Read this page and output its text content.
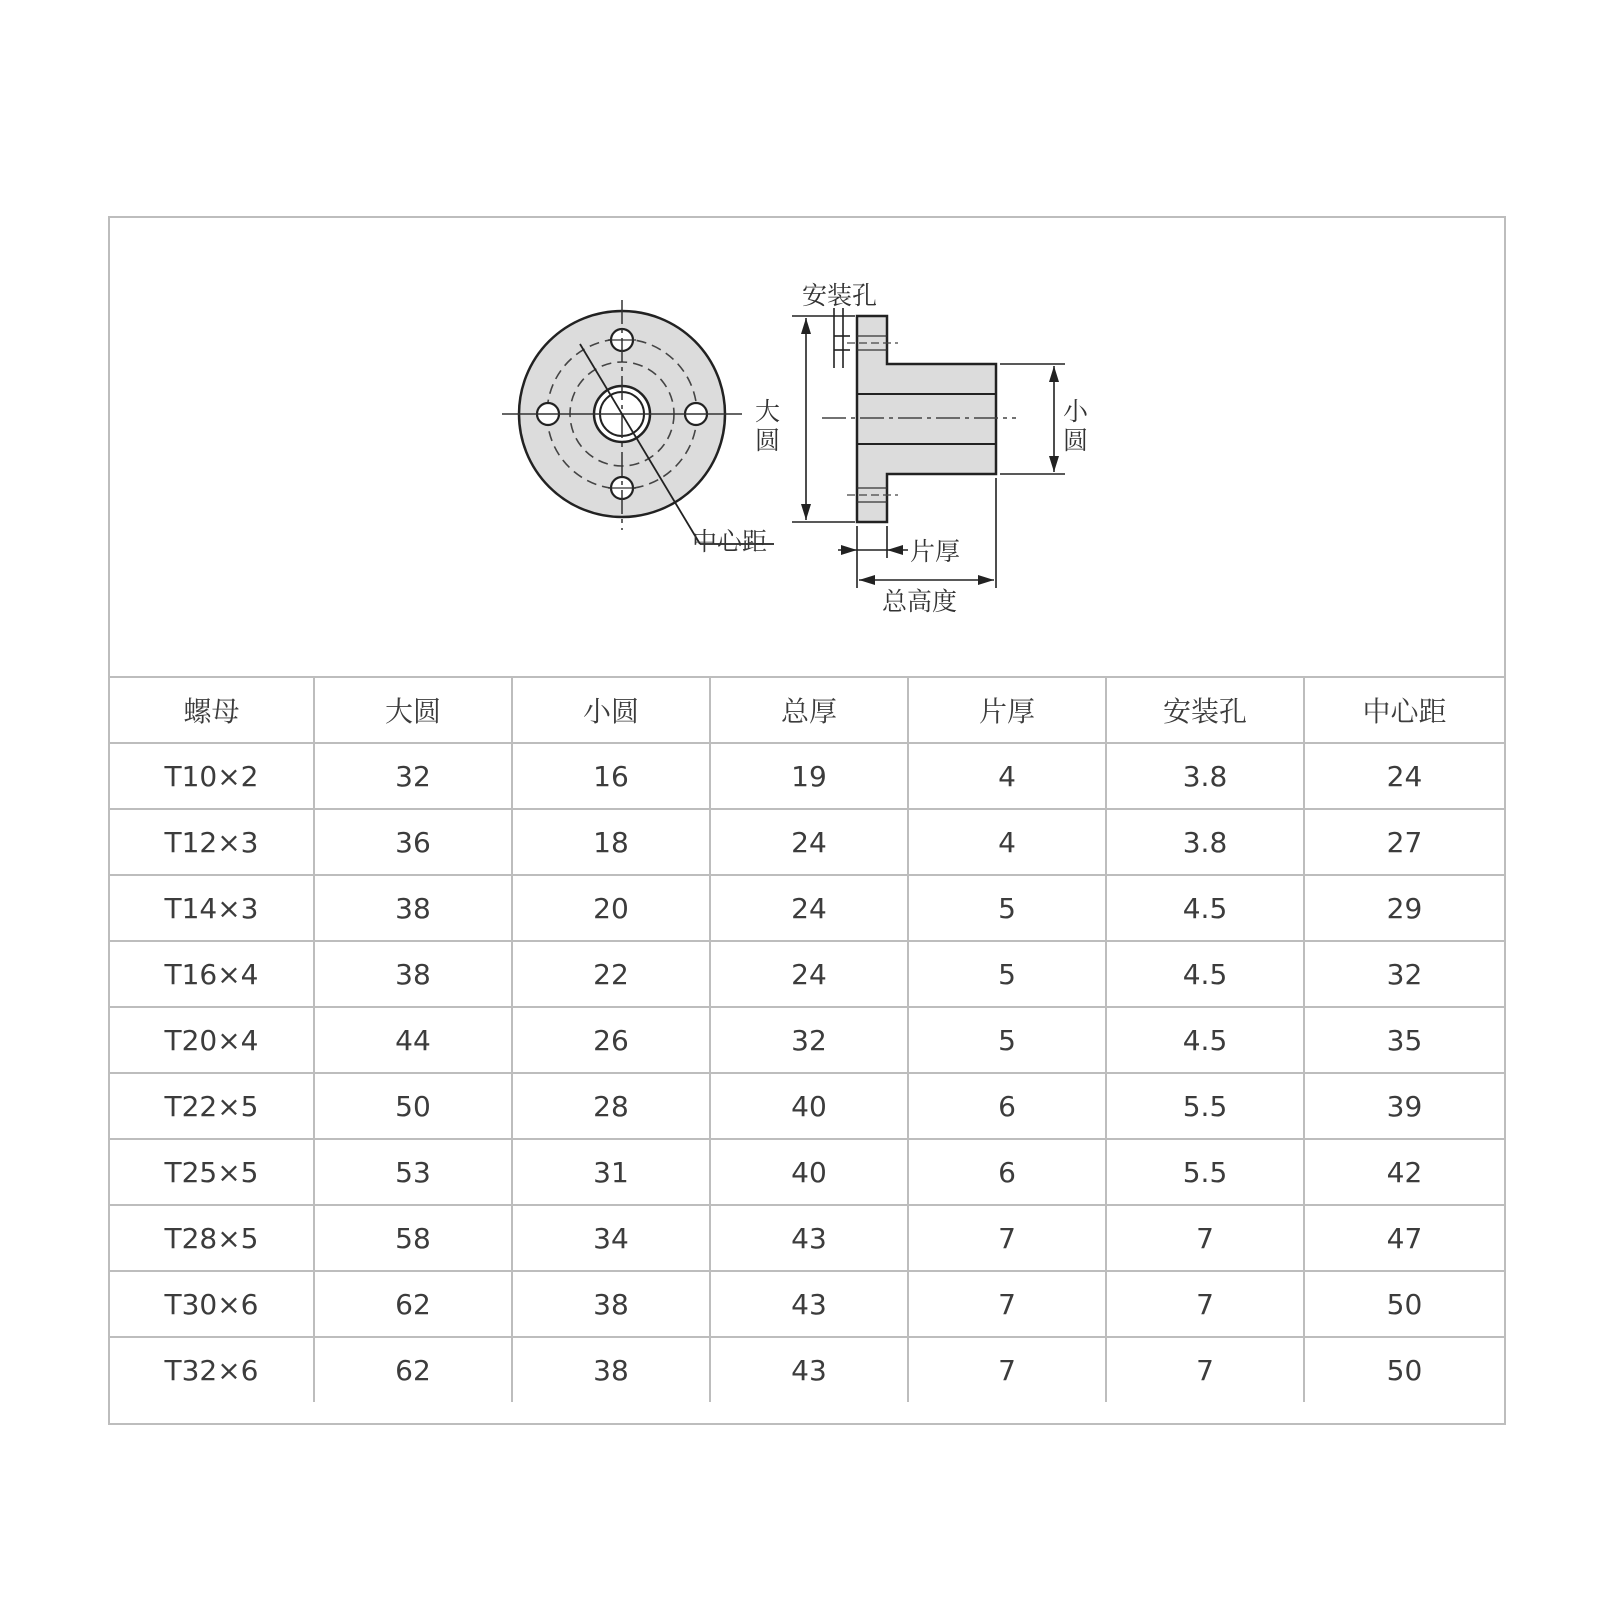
安装孔
大圆	小圆
中心距	片厚
总高度
螺母	大圆	小圆	总厚	片厚	安装孔	中心距
T10×2	32	16	19	4	3.8	24
T12×3	36	18	24	4	3.8	27
T14×3	38	20	24	5	4.5	29
T16×4	38	22	24	5	4.5	32
T20×4	44	26	32	5	4.5	35
T22×5	50	28	40	6	5.5	39
T25×5	53	31	40	6	5.5	42
T28×5	58	34	43	7	7	47
T30×6	62	38	43	7	7	50
T32×6	62	38	43	7	7	50
